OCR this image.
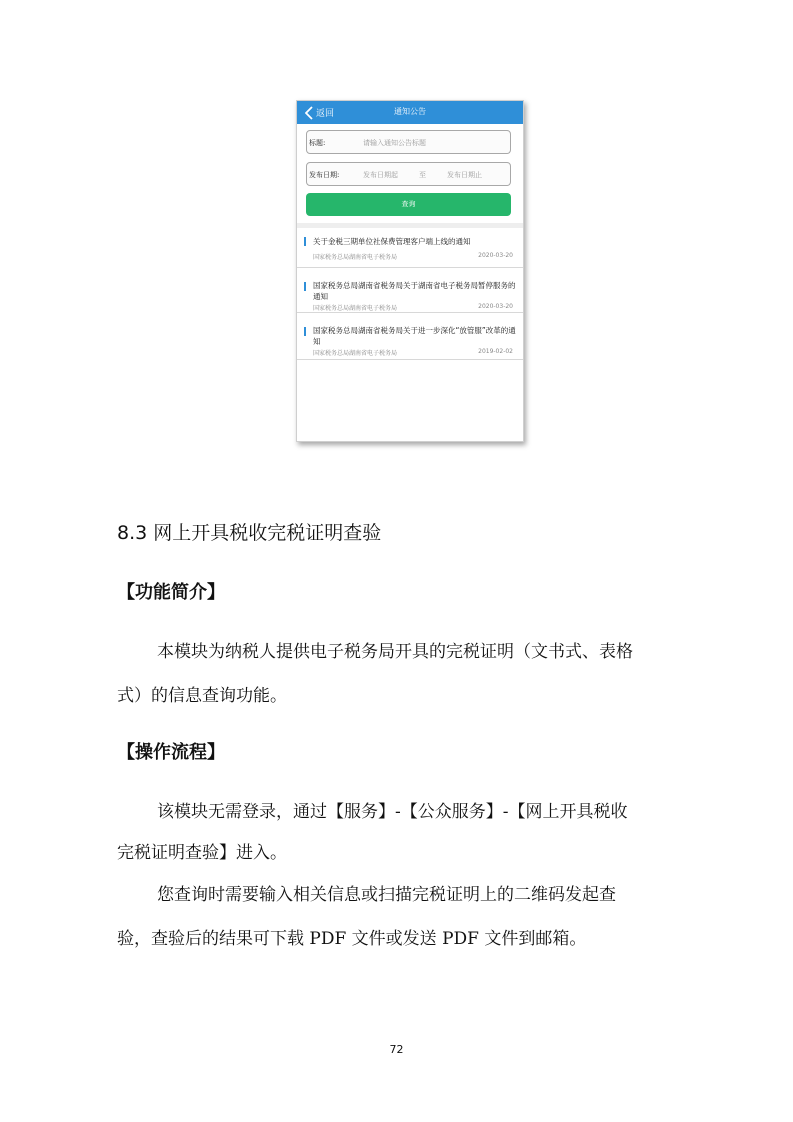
返回	通知公告
标题:	请输入通知公告标题
发布日期:	发布日期起	至	发布日期止
查询
关于金税三期单位社保费管理客户端上线的通知
国家税务总局湖南省电子税务局	2020-03-20
国家税务总局湖南省税务局关于湖南省电子税务局暂停服务的通知
国家税务总局湖南省电子税务局	2020-03-20
国家税务总局湖南省税务局关于进一步深化“放管服”改革的通知
国家税务总局湖南省电子税务局	2019-02-02
8.3 网上开具税收完税证明查验
【功能简介】
本模块为纳税人提供电子税务局开具的完税证明（文书式、表格
式）的信息查询功能。
【操作流程】
该模块无需登录，通过【服务】-【公众服务】-【网上开具税收
完税证明查验】进入。
您查询时需要输入相关信息或扫描完税证明上的二维码发起查
验，查验后的结果可下载 PDF 文件或发送 PDF 文件到邮箱。
72
